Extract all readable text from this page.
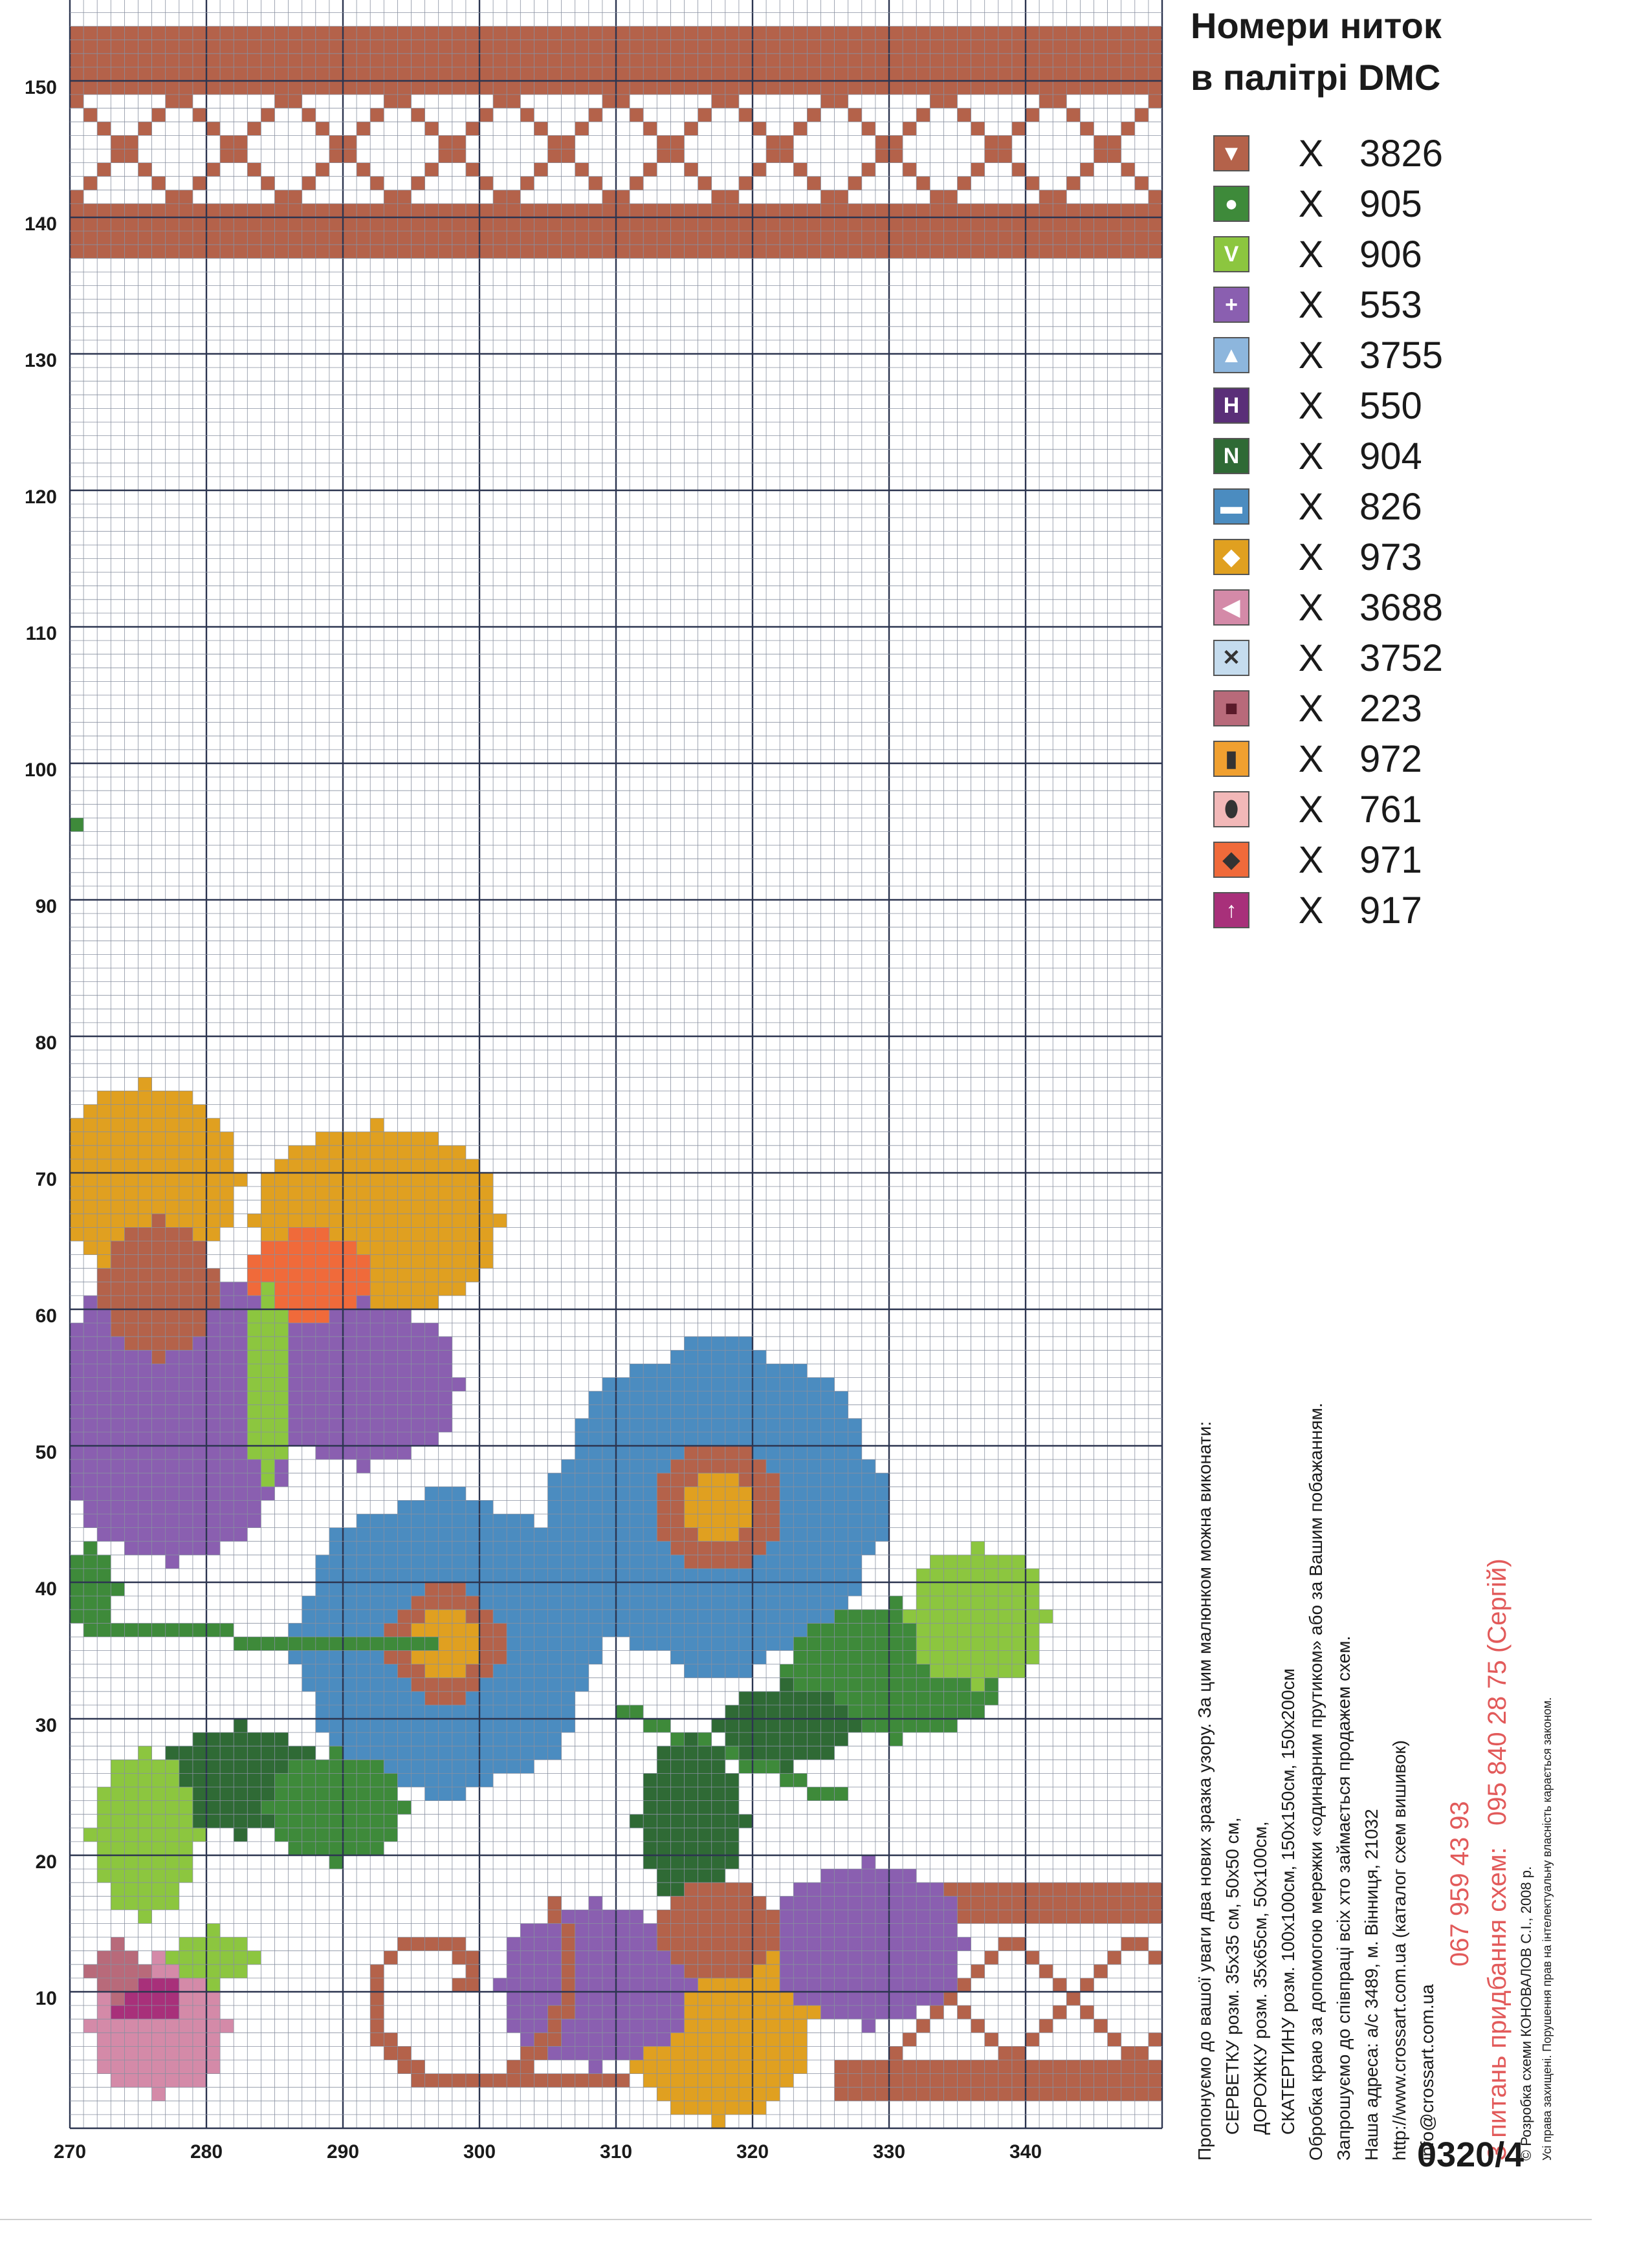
10
20
30
40
50
60
70
80
90
100
110
120
130
140
150
270	280	290	300	310	320	330	340
Номери ниток
в палітрі DMC
▼	X 3826
●	X 905
V	X 906
+	X 553
▲	X 3755
H	X 550
N	X 904
▬	X 826
◆	X 973
◀	X 3688
✕	X 3752
■	X 223
▮	X 972
⬮	X 761
◆	X 971
↑	X 917
Пропонуємо до вашої уваги два нових зразка узору. За цим малюнком можна виконати: СЕРВЕТКУ розм. 35х35 см, 50х50 см, ДОРОЖКУ розм. 35х65см, 50х100см, СКАТЕРТИНУ розм. 100х100см, 150х150см, 150х200см Обробка краю за допомогою мережки «одинарним прутиком» або за Вашим побажанням. Запрошуємо до співпраці всіх хто займається продажем схем. Наша адреса: а/с 3489, м. Вінниця, 21032 http://www.crossart.com.ua (каталог схем вишивок) info@crossart.com.ua
067 959 43 93 З питань придбання схем:   095 840 28 75 (Сергій)
© Розробка схеми КОНОВАЛОВ С.І., 2008 р. Усі права захищені. Порушення прав на інтелектуальну власність карається законом.
0320/4
